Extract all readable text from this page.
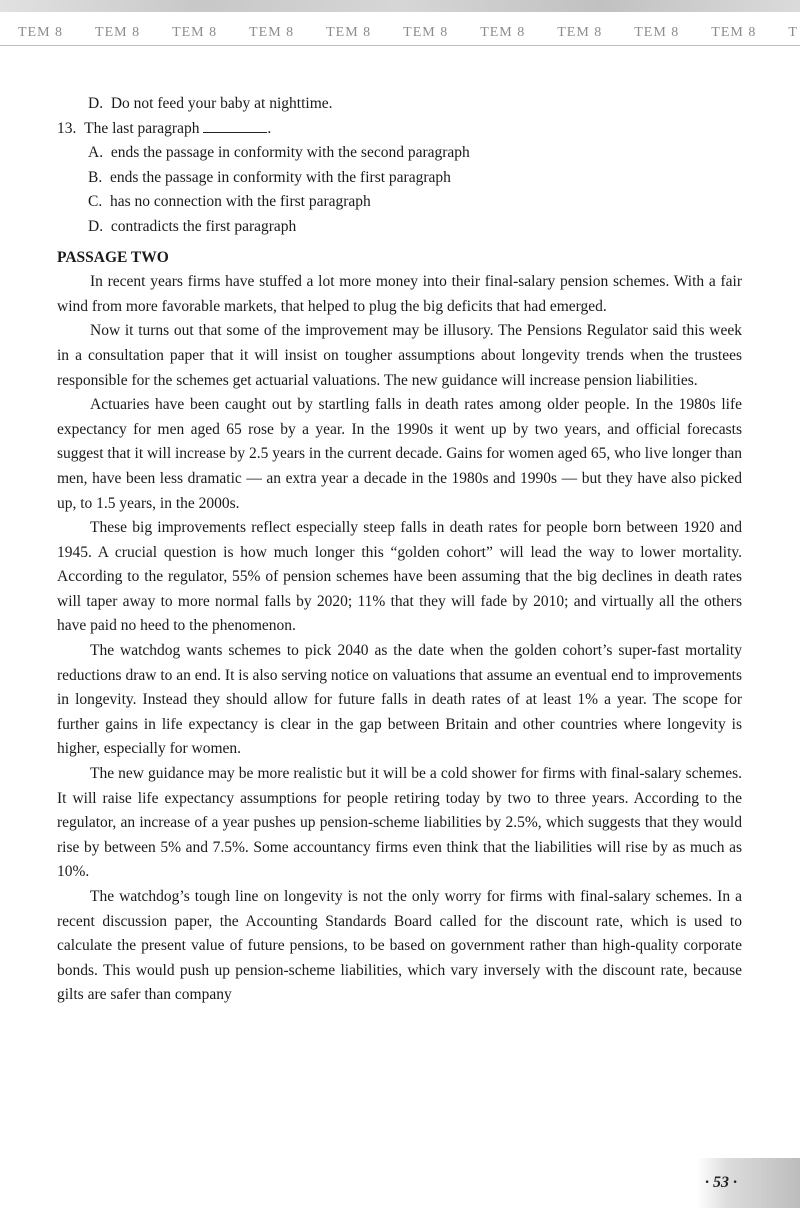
TEM 8 TEM 8 TEM 8 TEM 8 TEM 8 TEM 8 TEM 8 TEM 8 TEM 8 TEM 8 T
D.  Do not feed your baby at nighttime.
13.  The last paragraph	.
A.  ends the passage in conformity with the second paragraph
B.  ends the passage in conformity with the first paragraph
C.  has no connection with the first paragraph
D.  contradicts the first paragraph
PASSAGE TWO

In recent years firms have stuffed a lot more money into their final-salary pension schemes. With a fair wind from more favorable markets, that helped to plug the big deficits that had emerged.

Now it turns out that some of the improvement may be illusory. The Pensions Regulator said this week in a consultation paper that it will insist on tougher assumptions about longevity trends when the trustees responsible for the schemes get actuarial valuations. The new guidance will increase pension liabilities.

Actuaries have been caught out by startling falls in death rates among older people. In the 1980s life expectancy for men aged 65 rose by a year. In the 1990s it went up by two years, and official forecasts suggest that it will increase by 2.5 years in the current decade. Gains for women aged 65, who live longer than men, have been less dramatic — an extra year a decade in the 1980s and 1990s — but they have also picked up, to 1.5 years, in the 2000s.

These big improvements reflect especially steep falls in death rates for people born between 1920 and 1945. A crucial question is how much longer this “golden cohort” will lead the way to lower mortality. According to the regulator, 55% of pension schemes have been assuming that the big declines in death rates will taper away to more normal falls by 2020; 11% that they will fade by 2010; and virtually all the others have paid no heed to the phenomenon.

The watchdog wants schemes to pick 2040 as the date when the golden cohort’s super-fast mortality reductions draw to an end. It is also serving notice on valuations that assume an eventual end to improvements in longevity. Instead they should allow for future falls in death rates of at least 1% a year. The scope for further gains in life expectancy is clear in the gap between Britain and other countries where longevity is higher, especially for women.

The new guidance may be more realistic but it will be a cold shower for firms with final-salary schemes. It will raise life expectancy assumptions for people retiring today by two to three years. According to the regulator, an increase of a year pushes up pension-scheme liabilities by 2.5%, which suggests that they would rise by between 5% and 7.5%. Some accountancy firms even think that the liabilities will rise by as much as 10%.

The watchdog’s tough line on longevity is not the only worry for firms with final-salary schemes. In a recent discussion paper, the Accounting Standards Board called for the discount rate, which is used to calculate the present value of future pensions, to be based on government rather than high-quality corporate bonds. This would push up pension-scheme liabilities, which vary inversely with the discount rate, because gilts are safer than company

· 53 ·
